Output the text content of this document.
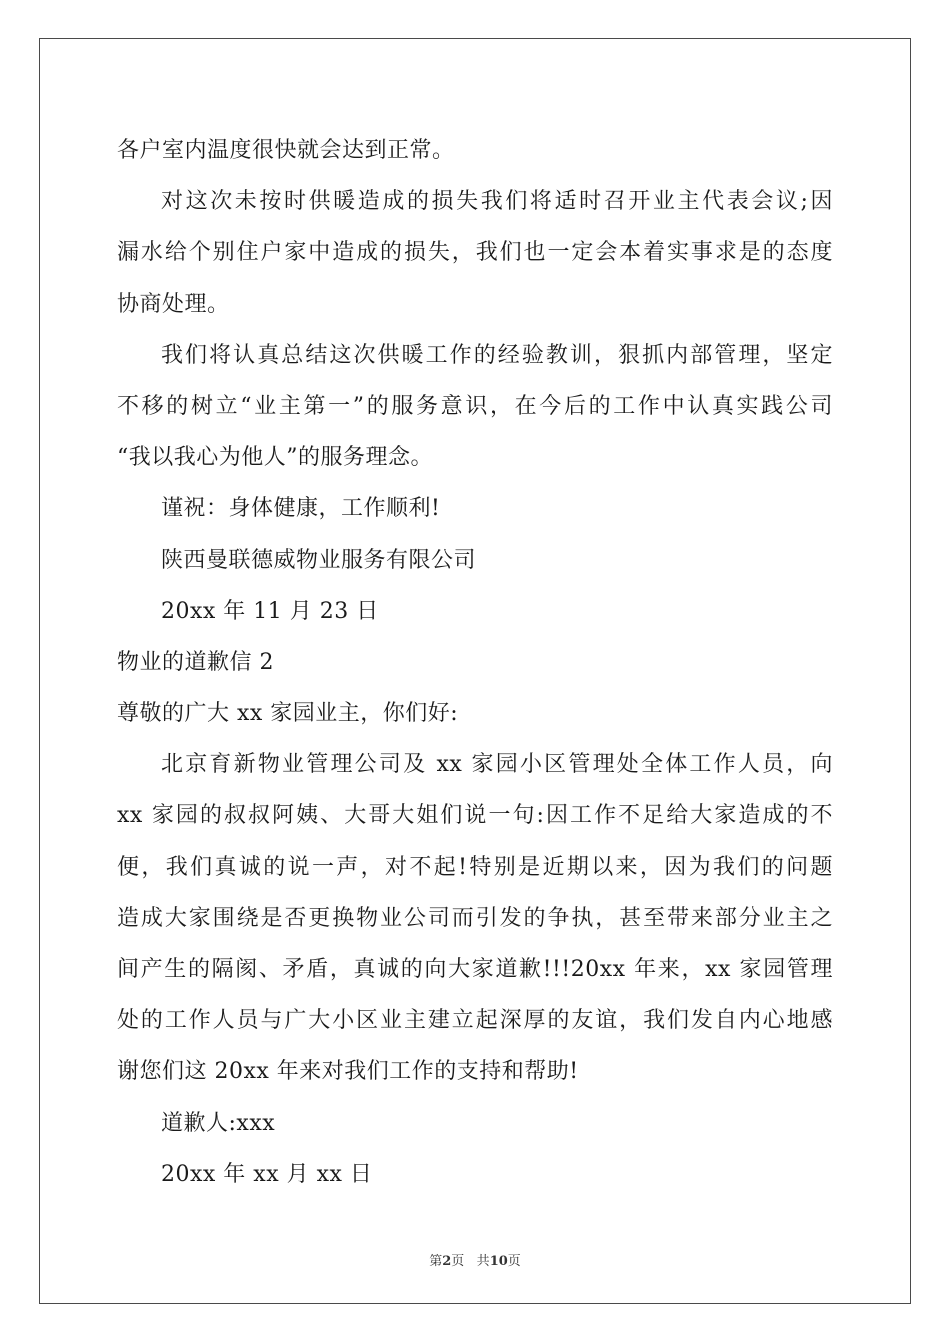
各户室内温度很快就会达到正常。
对这次未按时供暖造成的损失我们将适时召开业主代表会议;因
漏水给个别住户家中造成的损失，我们也一定会本着实事求是的态度
协商处理。
我们将认真总结这次供暖工作的经验教训，狠抓内部管理，坚定
不移的树立“业主第一”的服务意识，在今后的工作中认真实践公司
“我以我心为他人”的服务理念。
谨祝：身体健康，工作顺利!
陕西曼联德威物业服务有限公司
20xx 年 11 月 23 日
物业的道歉信 2
尊敬的广大 xx 家园业主，你们好:
北京育新物业管理公司及 xx 家园小区管理处全体工作人员，向
xx 家园的叔叔阿姨、大哥大姐们说一句:因工作不足给大家造成的不
便，我们真诚的说一声，对不起!特别是近期以来，因为我们的问题
造成大家围绕是否更换物业公司而引发的争执，甚至带来部分业主之
间产生的隔阂、矛盾，真诚的向大家道歉!!!20xx 年来，xx 家园管理
处的工作人员与广大小区业主建立起深厚的友谊，我们发自内心地感
谢您们这 20xx 年来对我们工作的支持和帮助!
道歉人:xxx
20xx 年 xx 月 xx 日
第2页 共10页
